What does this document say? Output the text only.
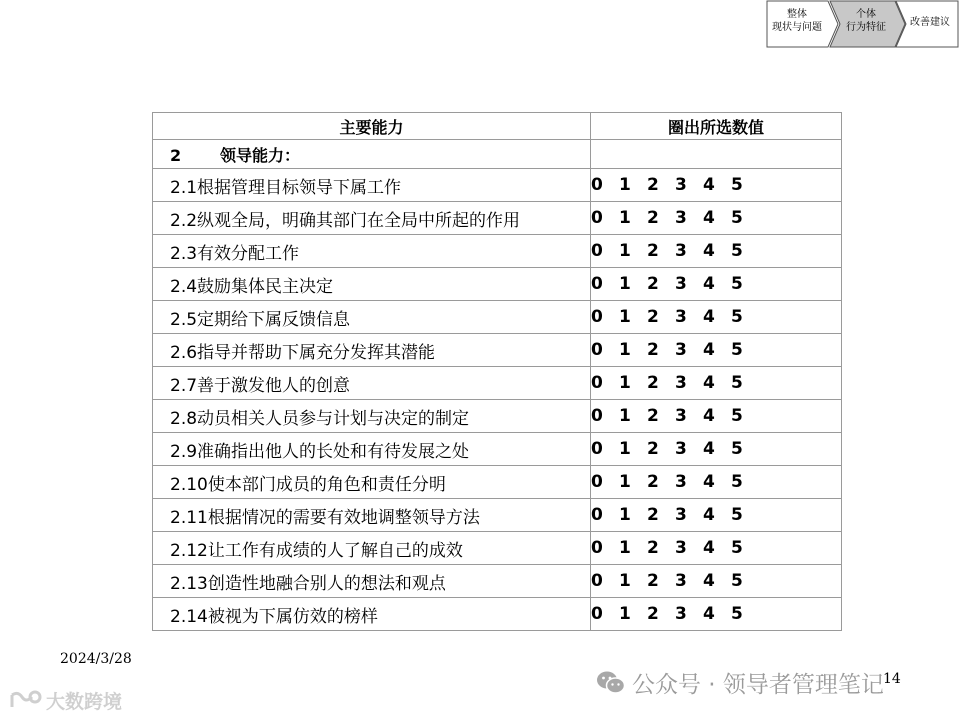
整体
现状与问题
个体
行为特征	改善建议
主要能力	圈出所选数值
2 领导能力：	
2.1根据管理目标领导下属工作	0 1 2 3 4 5
2.2纵观全局，明确其部门在全局中所起的作用	0 1 2 3 4 5
2.3有效分配工作	0 1 2 3 4 5
2.4鼓励集体民主决定	0 1 2 3 4 5
2.5定期给下属反馈信息	0 1 2 3 4 5
2.6指导并帮助下属充分发挥其潜能	0 1 2 3 4 5
2.7善于激发他人的创意	0 1 2 3 4 5
2.8动员相关人员参与计划与决定的制定	0 1 2 3 4 5
2.9准确指出他人的长处和有待发展之处	0 1 2 3 4 5
2.10使本部门成员的角色和责任分明	0 1 2 3 4 5
2.11根据情况的需要有效地调整领导方法	0 1 2 3 4 5
2.12让工作有成绩的人了解自己的成效	0 1 2 3 4 5
2.13创造性地融合别人的想法和观点	0 1 2 3 4 5
2.14被视为下属仿效的榜样	0 1 2 3 4 5
2024/3/28
14
公众号 · 领导者管理笔记
大数跨境
